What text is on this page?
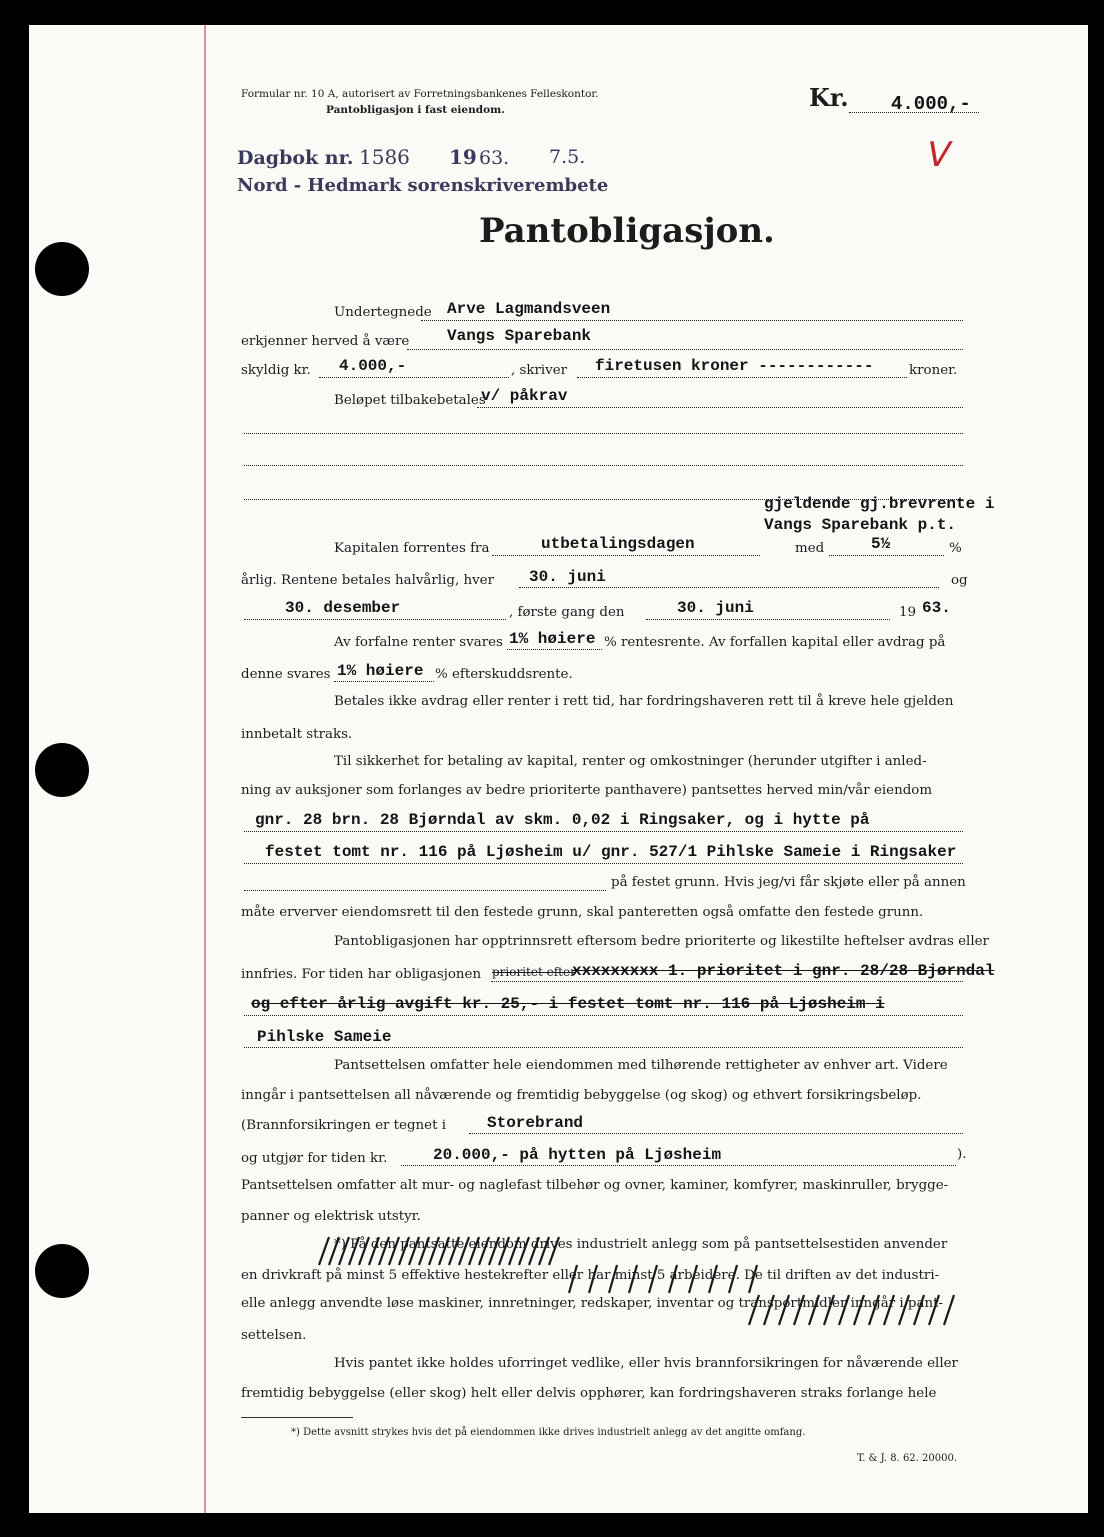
Formular nr. 10 A, autorisert av Forretningsbankenes Felleskontor.
Pantobligasjon i fast eiendom.	Kr. 4.000,-
V
Dagbok nr. 1586 19 63. 7.5.
Nord - Hedmark sorenskriverembete
Pantobligasjon.
Undertegnede Arve Lagmandsveen
erkjenner herved å være Vangs Sparebank
skyldig kr. 4.000,-	, skriver firetusen kroner ------------	kroner.
Beløpet tilbakebetales
v/ påkrav
gjeldende gj.brevrente i
Vangs Sparebank p.t.
Kapitalen forrentes fra	utbetalingsdagen	med	5½	%
årlig. Rentene betales halvårlig, hver 30. juni	og
30. desember	, første gang den	30. juni	19 63.
Av forfalne renter svares 1% høiere % rentesrente. Av forfallen kapital eller avdrag på
denne svares 1% høiere % efterskuddsrente.
Betales ikke avdrag eller renter i rett tid, har fordringshaveren rett til å kreve hele gjelden
innbetalt straks.
Til sikkerhet for betaling av kapital, renter og omkostninger (herunder utgifter i anled-
ning av auksjoner som forlanges av bedre prioriterte panthavere) pantsettes herved min/vår eiendom
gnr. 28 brn. 28 Bjørndal av skm. 0,02 i Ringsaker, og i hytte på
festet tomt nr. 116 på Ljøsheim u/ gnr. 527/1 Pihlske Sameie i Ringsaker
på festet grunn. Hvis jeg/vi får skjøte eller på annen
måte erverver eiendomsrett til den festede grunn, skal panteretten også omfatte den festede grunn.
Pantobligasjonen har opptrinnsrett eftersom bedre prioriterte og likestilte heftelser avdras eller
innfries. For tiden har obligasjonen prioritet efter
xxxxxxxxx 1. prioritet i gnr. 28/28 Bjørndal
og efter årlig avgift kr. 25,- i festet tomt nr. 116 på Ljøsheim i
Pihlske Sameie
Pantsettelsen omfatter hele eiendommen med tilhørende rettigheter av enhver art. Videre
inngår i pantsettelsen all nåværende og fremtidig bebyggelse (og skog) og ethvert forsikringsbeløp.
(Brannforsikringen er tegnet i	Storebrand
og utgjør for tiden kr.	20.000,- på hytten på Ljøsheim	).
Pantsettelsen omfatter alt mur- og naglefast tilbehør og ovner, kaminer, komfyrer, maskinruller, brygge-
panner og elektrisk utstyr.
*) På den pantsatte eiendom drives industrielt anlegg som på pantsettelsestiden anvender
en drivkraft på minst 5 effektive hestekrefter eller har minst 5 arbeidere. De til driften av det industri-
elle anlegg anvendte løse maskiner, innretninger, redskaper, inventar og transportmidler inngår i pant-
settelsen.
Hvis pantet ikke holdes uforringet vedlike, eller hvis brannforsikringen for nåværende eller
fremtidig bebyggelse (eller skog) helt eller delvis opphører, kan fordringshaveren straks forlange hele
*) Dette avsnitt strykes hvis det på eiendommen ikke drives industrielt anlegg av det angitte omfang.
T. & J. 8. 62. 20000.
